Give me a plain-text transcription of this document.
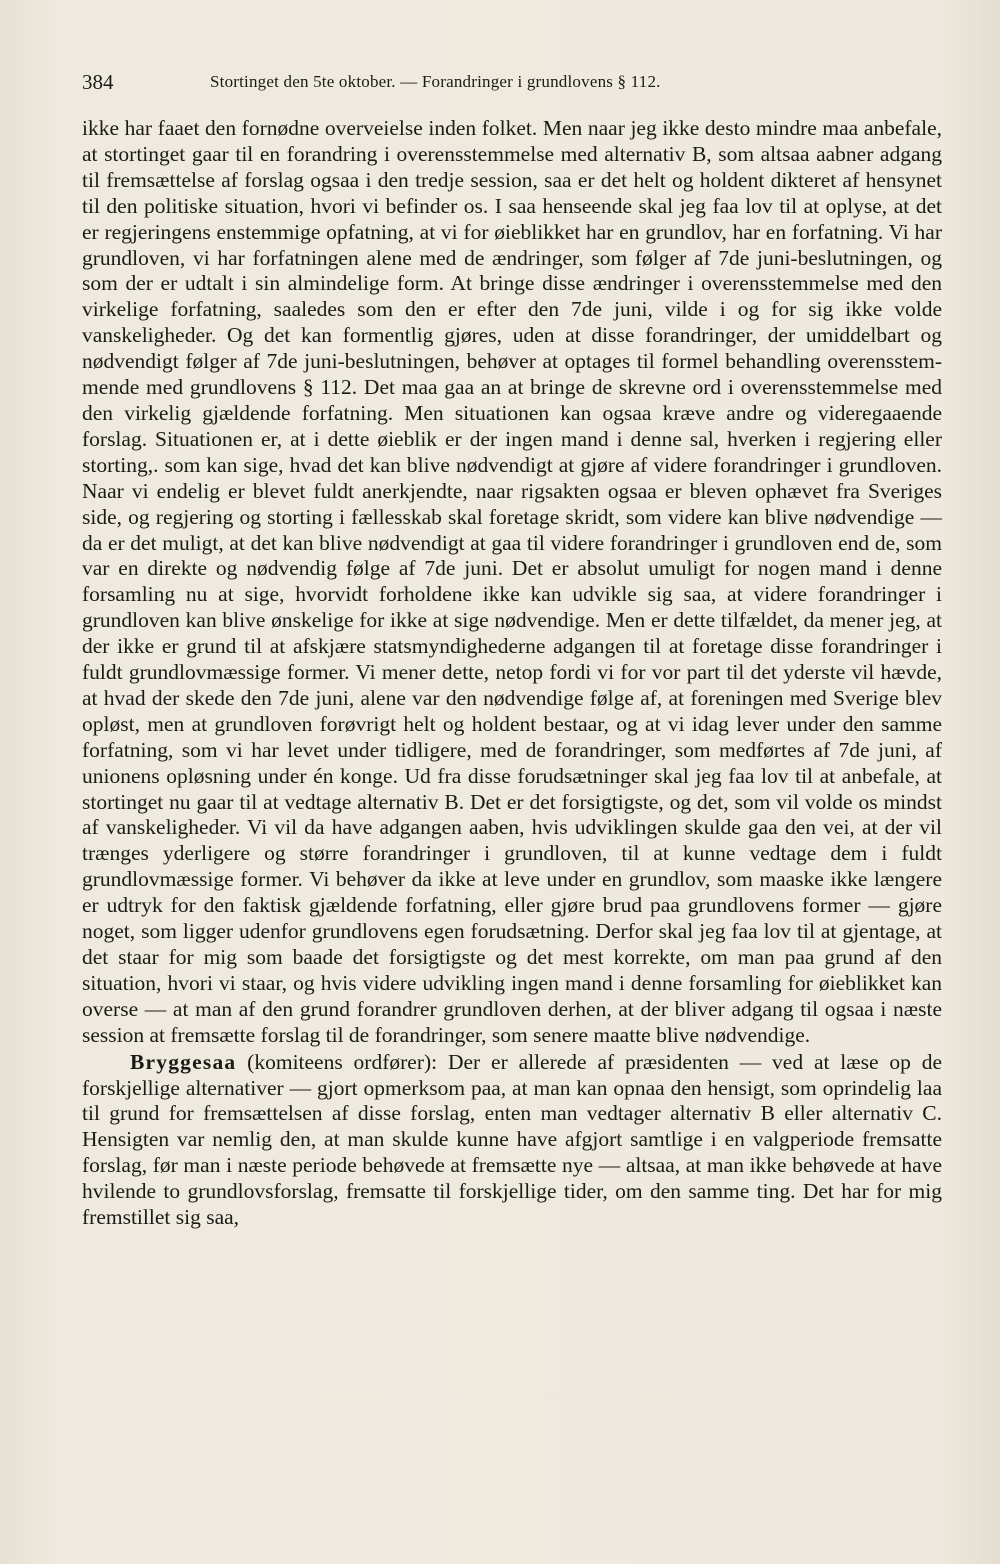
384	Stortinget den 5te oktober. — Forandringer i grundlovens § 112.

ikke har faaet den fornødne overveielse inden folket. Men naar jeg ikke desto mindre maa anbefale, at stortinget gaar til en forandring i overensstemmelse med alternativ B, som altsaa aabner adgang til fremsættelse af forslag ogsaa i den tredje session, saa er det helt og holdent dikteret af hensynet til den politiske situation, hvori vi befinder os. I saa henseende skal jeg faa lov til at oplyse, at det er regjeringens enstemmige opfatning, at vi for øieblikket har en grundlov, har en forfatning. Vi har grundloven, vi har forfatningen alene med de ændringer, som følger af 7de juni-beslutningen, og som der er udtalt i sin almindelige form. At bringe disse ændringer i overensstemmelse med den virkelige forfatning, saaledes som den er efter den 7de juni, vilde i og for sig ikke volde vanskeligheder. Og det kan formentlig gjøres, uden at disse forandringer, der umiddelbart og nødvendigt følger af 7de juni-beslutningen, behøver at optages til formel behandling overensstemmende med grundlovens § 112. Det maa gaa an at bringe de skrevne ord i overensstemmelse med den virkelig gjældende forfatning. Men situationen kan ogsaa kræve andre og videregaaende forslag. Situationen er, at i dette øieblik er der ingen mand i denne sal, hverken i regjering eller storting,. som kan sige, hvad det kan blive nødvendigt at gjøre af videre forandringer i grundloven. Naar vi endelig er blevet fuldt anerkjendte, naar rigsakten ogsaa er bleven ophævet fra Sveriges side, og regjering og storting i fællesskab skal foretage skridt, som videre kan blive nødvendige — da er det muligt, at det kan blive nødvendigt at gaa til videre forandringer i grundloven end de, som var en direkte og nødvendig følge af 7de juni. Det er absolut umuligt for nogen mand i denne forsamling nu at sige, hvorvidt forholdene ikke kan udvikle sig saa, at videre forandringer i grundloven kan blive ønskelige for ikke at sige nødvendige. Men er dette tilfældet, da mener jeg, at der ikke er grund til at afskjære statsmyndighederne adgangen til at foretage disse forandringer i fuldt grundlovmæssige former. Vi mener dette, netop fordi vi for vor part til det yderste vil hævde, at hvad der skede den 7de juni, alene var den nødvendige følge af, at foreningen med Sverige blev opløst, men at grundloven forøvrigt helt og holdent bestaar, og at vi idag lever under den samme forfatning, som vi har levet under tidligere, med de forandringer, som medførtes af 7de juni, af unionens opløsning under én konge. Ud fra disse forudsætninger skal jeg faa lov til at anbefale, at stortinget nu gaar til at vedtage alternativ B. Det er det forsigtigste, og det, som vil volde os mindst af vanskeligheder. Vi vil da have adgangen aaben, hvis udviklingen skulde gaa den vei, at der vil trænges yderligere og større forandringer i grundloven, til at kunne vedtage dem i fuldt grundlovmæssige former. Vi behøver da ikke at leve under en grundlov, som maaske ikke længere er udtryk for den faktisk gjældende forfatning, eller gjøre brud paa grundlovens former — gjøre noget, som ligger udenfor grundlovens egen forudsætning. Derfor skal jeg faa lov til at gjentage, at det staar for mig som baade det forsigtigste og det mest korrekte, om man paa grund af den situation, hvori vi staar, og hvis videre udvikling ingen mand i denne forsamling for øieblikket kan overse — at man af den grund forandrer grundloven derhen, at der bliver adgang til ogsaa i næste session at fremsætte forslag til de forandringer, som senere maatte blive nødvendige.

Bryggesaa (komiteens ordfører): Der er allerede af præsidenten — ved at læse op de forskjellige alternativer — gjort opmerksom paa, at man kan opnaa den hensigt, som oprindelig laa til grund for fremsættelsen af disse forslag, enten man vedtager alternativ B eller alternativ C. Hensigten var nemlig den, at man skulde kunne have afgjort samtlige i en valgperiode fremsatte forslag, før man i næste periode behøvede at fremsætte nye — altsaa, at man ikke behøvede at have hvilende to grundlovsforslag, fremsatte til forskjellige tider, om den samme ting. Det har for mig fremstillet sig saa,
